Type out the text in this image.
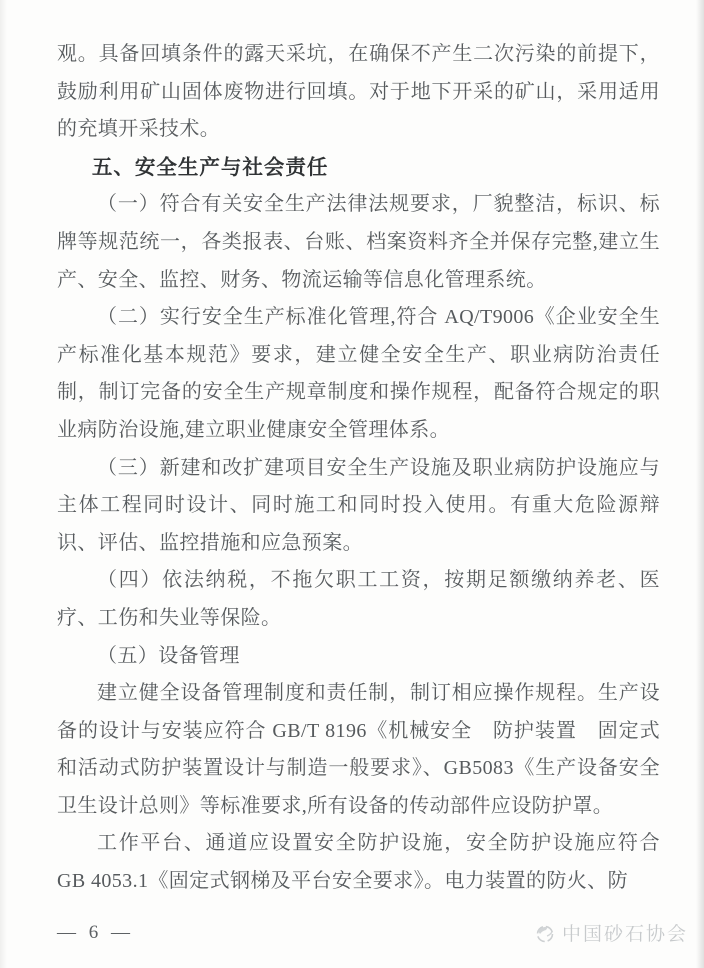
观。具备回填条件的露天采坑，在确保不产生二次污染的前提下，鼓励利用矿山固体废物进行回填。对于地下开采的矿山，采用适用的充填开采技术。

五、安全生产与社会责任

（一）符合有关安全生产法律法规要求，厂貌整洁，标识、标牌等规范统一，各类报表、台账、档案资料齐全并保存完整,建立生产、安全、监控、财务、物流运输等信息化管理系统。

（二）实行安全生产标准化管理,符合 AQ/T9006《企业安全生产标准化基本规范》要求，建立健全安全生产、职业病防治责任制，制订完备的安全生产规章制度和操作规程，配备符合规定的职业病防治设施,建立职业健康安全管理体系。

（三）新建和改扩建项目安全生产设施及职业病防护设施应与主体工程同时设计、同时施工和同时投入使用。有重大危险源辩识、评估、监控措施和应急预案。

（四）依法纳税，不拖欠职工工资，按期足额缴纳养老、医疗、工伤和失业等保险。

（五）设备管理

建立健全设备管理制度和责任制，制订相应操作规程。生产设备的设计与安装应符合 GB/T 8196《机械安全　防护装置　固定式和活动式防护装置设计与制造一般要求》、GB5083《生产设备安全卫生设计总则》等标准要求,所有设备的传动部件应设防护罩。

工作平台、通道应设置安全防护设施，安全防护设施应符合 GB 4053.1《固定式钢梯及平台安全要求》。电力装置的防火、防

— 6 —	中国砂石协会
